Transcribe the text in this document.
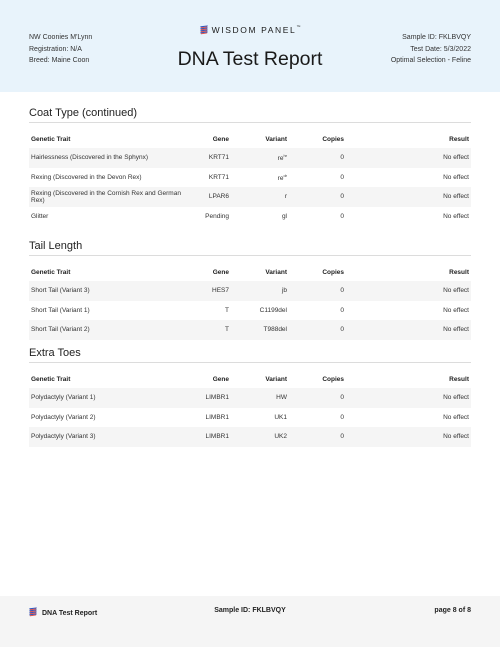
NW Coonies M'Lynn
Registration: N/A
Breed: Maine Coon
WISDOM PANEL™
DNA Test Report
Sample ID: FKLBVQY
Test Date: 5/3/2022
Optimal Selection - Feline
Coat Type (continued)
Genetic Trait	Gene	Variant	Copies	Result
Hairlessness (Discovered in the Sphynx)	KRT71	$re^{hr}$	0	No effect
Rexing (Discovered in the Devon Rex)	KRT71	$re^{dr}$	0	No effect
Rexing (Discovered in the Cornish Rex and German Rex)	LPAR6	r	0	No effect
Glitter	Pending	gl	0	No effect
Tail Length
Genetic Trait	Gene	Variant	Copies	Result
Short Tail (Variant 3)	HES7	jb	0	No effect
Short Tail (Variant 1)	T	C1199del	0	No effect
Short Tail (Variant 2)	T	T988del	0	No effect
Extra Toes
Genetic Trait	Gene	Variant	Copies	Result
Polydactyly (Variant 1)	LIMBR1	HW	0	No effect
Polydactyly (Variant 2)	LIMBR1	UK1	0	No effect
Polydactyly (Variant 3)	LIMBR1	UK2	0	No effect
DNA Test Report	Sample ID: FKLBVQY	page 8 of 8
